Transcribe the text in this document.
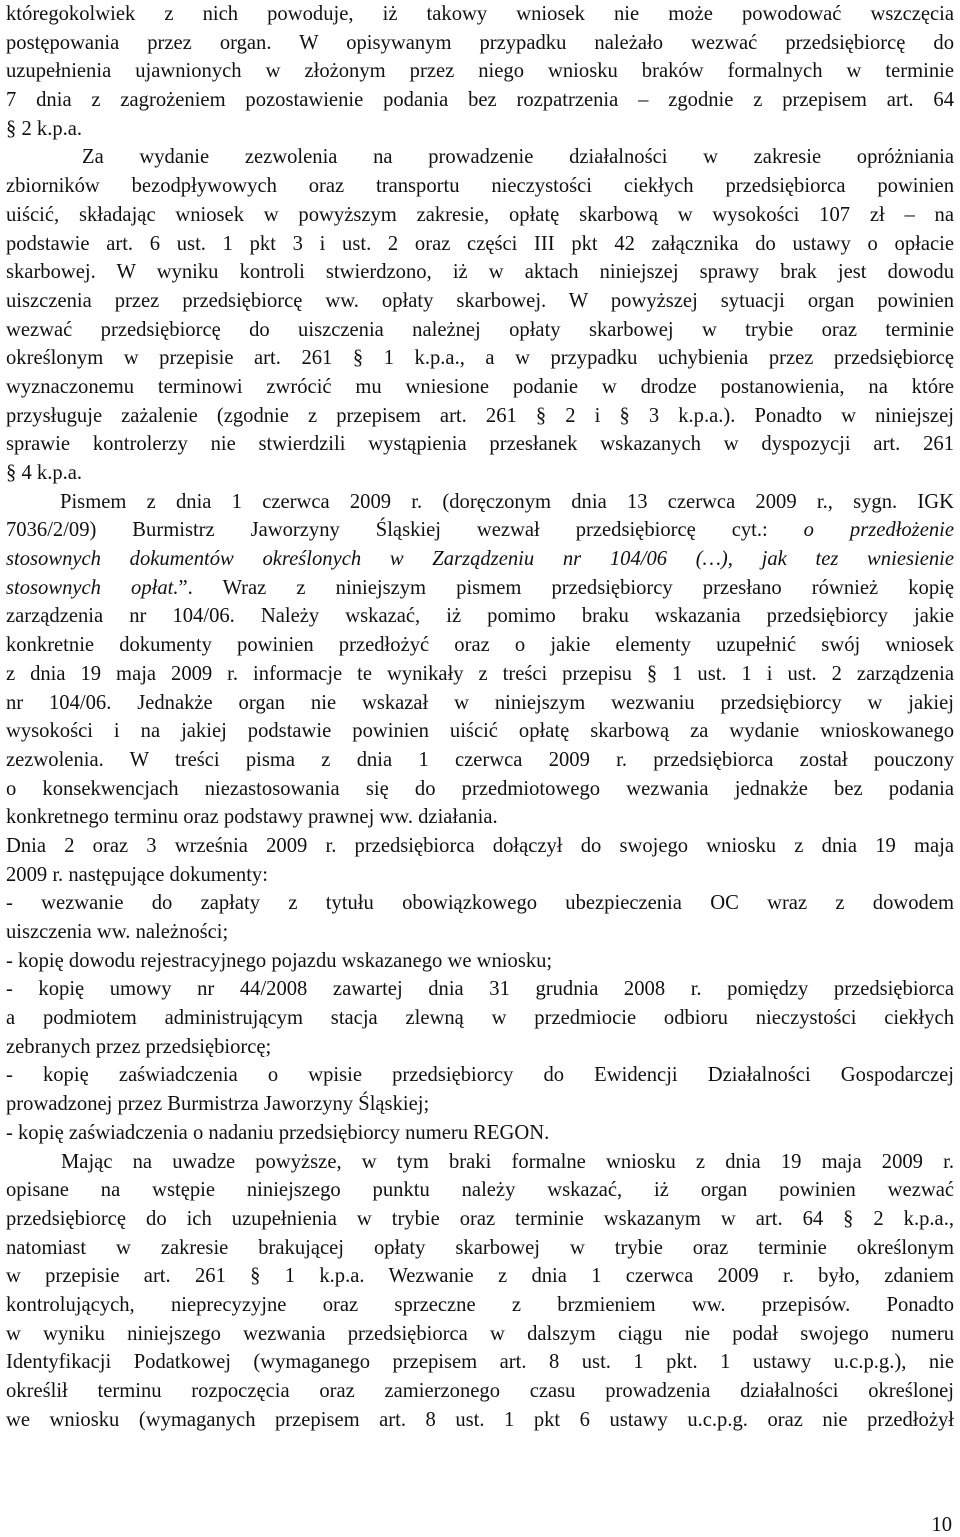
któregokolwiek z nich powoduje, iż takowy wniosek nie może powodować wszczęcia
postępowania przez organ. W opisywanym przypadku należało wezwać przedsiębiorcę do
uzupełnienia ujawnionych w złożonym przez niego wniosku braków formalnych w terminie
7 dnia z zagrożeniem pozostawienie podania bez rozpatrzenia – zgodnie z przepisem art. 64
§ 2 k.p.a.
Za wydanie zezwolenia na prowadzenie działalności w zakresie opróżniania
zbiorników bezodpływowych oraz transportu nieczystości ciekłych przedsiębiorca powinien
uiścić, składając wniosek w powyższym zakresie, opłatę skarbową w wysokości 107 zł – na
podstawie art. 6 ust. 1 pkt 3 i ust. 2 oraz części III pkt 42 załącznika do ustawy o opłacie
skarbowej. W wyniku kontroli stwierdzono, iż w aktach niniejszej sprawy brak jest dowodu
uiszczenia przez przedsiębiorcę ww. opłaty skarbowej. W powyższej sytuacji organ powinien
wezwać przedsiębiorcę do uiszczenia należnej opłaty skarbowej w trybie oraz terminie
określonym w przepisie art. 261 § 1 k.p.a., a w przypadku uchybienia przez przedsiębiorcę
wyznaczonemu terminowi zwrócić mu wniesione podanie w drodze postanowienia, na które
przysługuje zażalenie (zgodnie z przepisem art. 261 § 2 i § 3 k.p.a.). Ponadto w niniejszej
sprawie kontrolerzy nie stwierdzili wystąpienia przesłanek wskazanych w dyspozycji art. 261
§ 4 k.p.a.
Pismem z dnia 1 czerwca 2009 r. (doręczonym dnia 13 czerwca 2009 r., sygn. IGK
7036/2/09) Burmistrz Jaworzyny Śląskiej wezwał przedsiębiorcę cyt.: o przedłożenie
stosownych dokumentów określonych w Zarządzeniu nr 104/06 (…), jak tez wniesienie
stosownych opłat.”. Wraz z niniejszym pismem przedsiębiorcy przesłano również kopię
zarządzenia nr 104/06. Należy wskazać, iż pomimo braku wskazania przedsiębiorcy jakie
konkretnie dokumenty powinien przedłożyć oraz o jakie elementy uzupełnić swój wniosek
z dnia 19 maja 2009 r. informacje te wynikały z treści przepisu § 1 ust. 1 i ust. 2 zarządzenia
nr 104/06. Jednakże organ nie wskazał w niniejszym wezwaniu przedsiębiorcy w jakiej
wysokości i na jakiej podstawie powinien uiścić opłatę skarbową za wydanie wnioskowanego
zezwolenia. W treści pisma z dnia 1 czerwca 2009 r. przedsiębiorca został pouczony
o konsekwencjach niezastosowania się do przedmiotowego wezwania jednakże bez podania
konkretnego terminu oraz podstawy prawnej ww. działania.
Dnia 2 oraz 3 września 2009 r. przedsiębiorca dołączył do swojego wniosku z dnia 19 maja
2009 r. następujące dokumenty:
- wezwanie do zapłaty z tytułu obowiązkowego ubezpieczenia OC wraz z dowodem
uiszczenia ww. należności;
- kopię dowodu rejestracyjnego pojazdu wskazanego we wniosku;
- kopię umowy nr 44/2008 zawartej dnia 31 grudnia 2008 r. pomiędzy przedsiębiorca
a podmiotem administrującym stacja zlewną w przedmiocie odbioru nieczystości ciekłych
zebranych przez przedsiębiorcę;
- kopię zaświadczenia o wpisie przedsiębiorcy do Ewidencji Działalności Gospodarczej
prowadzonej przez Burmistrza Jaworzyny Śląskiej;
- kopię zaświadczenia o nadaniu przedsiębiorcy numeru REGON.
Mając na uwadze powyższe, w tym braki formalne wniosku z dnia 19 maja 2009 r.
opisane na wstępie niniejszego punktu należy wskazać, iż organ powinien wezwać
przedsiębiorcę do ich uzupełnienia w trybie oraz terminie wskazanym w art. 64 § 2 k.p.a.,
natomiast w zakresie brakującej opłaty skarbowej w trybie oraz terminie określonym
w przepisie art. 261 § 1 k.p.a. Wezwanie z dnia 1 czerwca 2009 r. było, zdaniem
kontrolujących, nieprecyzyjne oraz sprzeczne z brzmieniem ww. przepisów. Ponadto
w wyniku niniejszego wezwania przedsiębiorca w dalszym ciągu nie podał swojego numeru
Identyfikacji Podatkowej (wymaganego przepisem art. 8 ust. 1 pkt. 1 ustawy u.c.p.g.), nie
określił terminu rozpoczęcia oraz zamierzonego czasu prowadzenia działalności określonej
we wniosku (wymaganych przepisem art. 8 ust. 1 pkt 6 ustawy u.c.p.g. oraz nie przedłożył
10
